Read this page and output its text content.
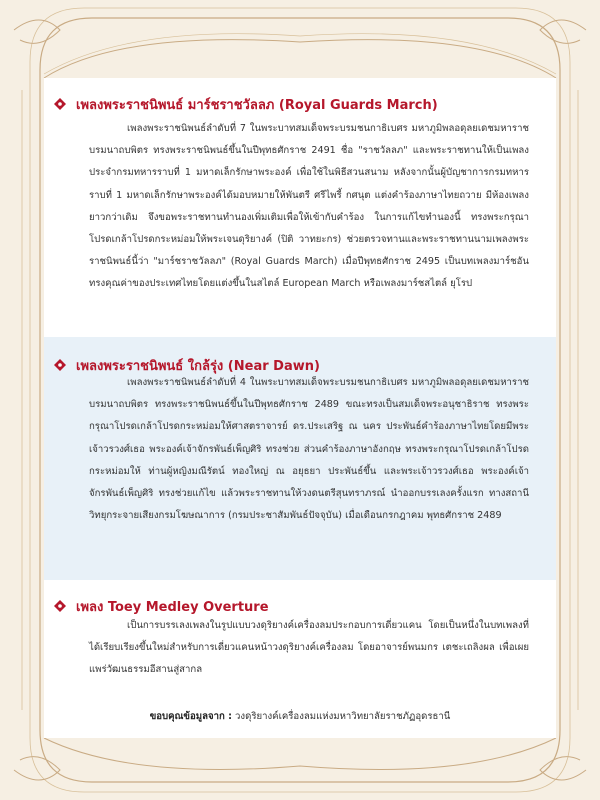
เพลงพระราชนิพนธ์ มาร์ชราชวัลลภ (Royal Guards March)
เพลงพระราชนิพนธ์ลำดับที่ 7 ในพระบาทสมเด็จพระบรมชนกาธิเบศร มหาภูมิพลอดุลยเดชมหาราช บรมนาถบพิตร ทรงพระราชนิพนธ์ขึ้นในปีพุทธศักราช 2491 ชื่อ "ราชวัลลภ" และพระราชทานให้เป็นเพลงประจำกรมทหารราบที่ 1 มหาดเล็กรักษาพระองค์ เพื่อใช้ในพิธีสวนสนาม หลังจากนั้นผู้บัญชาการกรมทหารราบที่ 1 มหาดเล็กรักษาพระองค์ได้มอบหมายให้พันตรี ศรีไพรี้ กศนุต แต่งคำร้องภาษาไทยถวาย มีห้องเพลงยาวกว่าเดิม จึงขอพระราชทานทำนองเพิ่มเติมเพื่อให้เข้ากับคำร้อง ในการแก้ไขทำนองนี้ ทรงพระกรุณาโปรดเกล้าโปรดกระหม่อมให้พระเจนดุริยางค์ (ปิติ วาทยะกร) ช่วยตรวจทานและพระราชทานนามเพลงพระราชนิพนธ์นี้ว่า "มาร์ชราชวัลลภ" (Royal Guards March) เมื่อปีพุทธศักราช 2495 เป็นบทเพลงมาร์ชอันทรงคุณค่าของประเทศไทยโดยแต่งขึ้นในสไตล์ European March หรือเพลงมาร์ชสไตล์ ยุโรป
เพลงพระราชนิพนธ์ ใกล้รุ่ง (Near Dawn)
เพลงพระราชนิพนธ์ลำดับที่ 4 ในพระบาทสมเด็จพระบรมชนกาธิเบศร มหาภูมิพลอดุลยเดชมหาราช บรมนาถบพิตร ทรงพระราชนิพนธ์ขึ้นในปีพุทธศักราช 2489 ขณะทรงเป็นสมเด็จพระอนุชาธิราช ทรงพระกรุณาโปรดเกล้าโปรดกระหม่อมให้ศาสตราจารย์ ดร.ประเสริฐ ณ นคร ประพันธ์คำร้องภาษาไทยโดยมีพระเจ้าวรวงศ์เธอ พระองค์เจ้าจักรพันธ์เพ็ญศิริ ทรงช่วย ส่วนคำร้องภาษาอังกฤษ ทรงพระกรุณาโปรดเกล้าโปรดกระหม่อมให้ ท่านผู้หญิงมณีรัตน์ ทองใหญ่ ณ อยุธยา ประพันธ์ขึ้น และพระเจ้าวรวงศ์เธอ พระองค์เจ้าจักรพันธ์เพ็ญศิริ ทรงช่วยแก้ไข แล้วพระราชทานให้วงดนตรีสุนทราภรณ์ นำออกบรรเลงครั้งแรก ทางสถานีวิทยุกระจายเสียงกรมโฆษณาการ (กรมประชาสัมพันธ์ปัจจุบัน) เมื่อเดือนกรกฎาคม พุทธศักราช 2489
เพลง Toey Medley Overture
เป็นการบรรเลงเพลงในรูปแบบวงดุริยางค์เครื่องลมประกอบการเดี่ยวแคน โดยเป็นหนึ่งในบทเพลงที่ได้เรียบเรียงขึ้นใหม่สำหรับการเดี่ยวแคนหน้าวงดุริยางค์เครื่องลม โดยอาจารย์พนมกร เตชะเถลิงผล เพื่อเผยแพร่วัฒนธรรมอีสานสู่สากล
ขอบคุณข้อมูลจาก : วงดุริยางค์เครื่องลมแห่งมหาวิทยาลัยราชภัฏอุดรธานี
